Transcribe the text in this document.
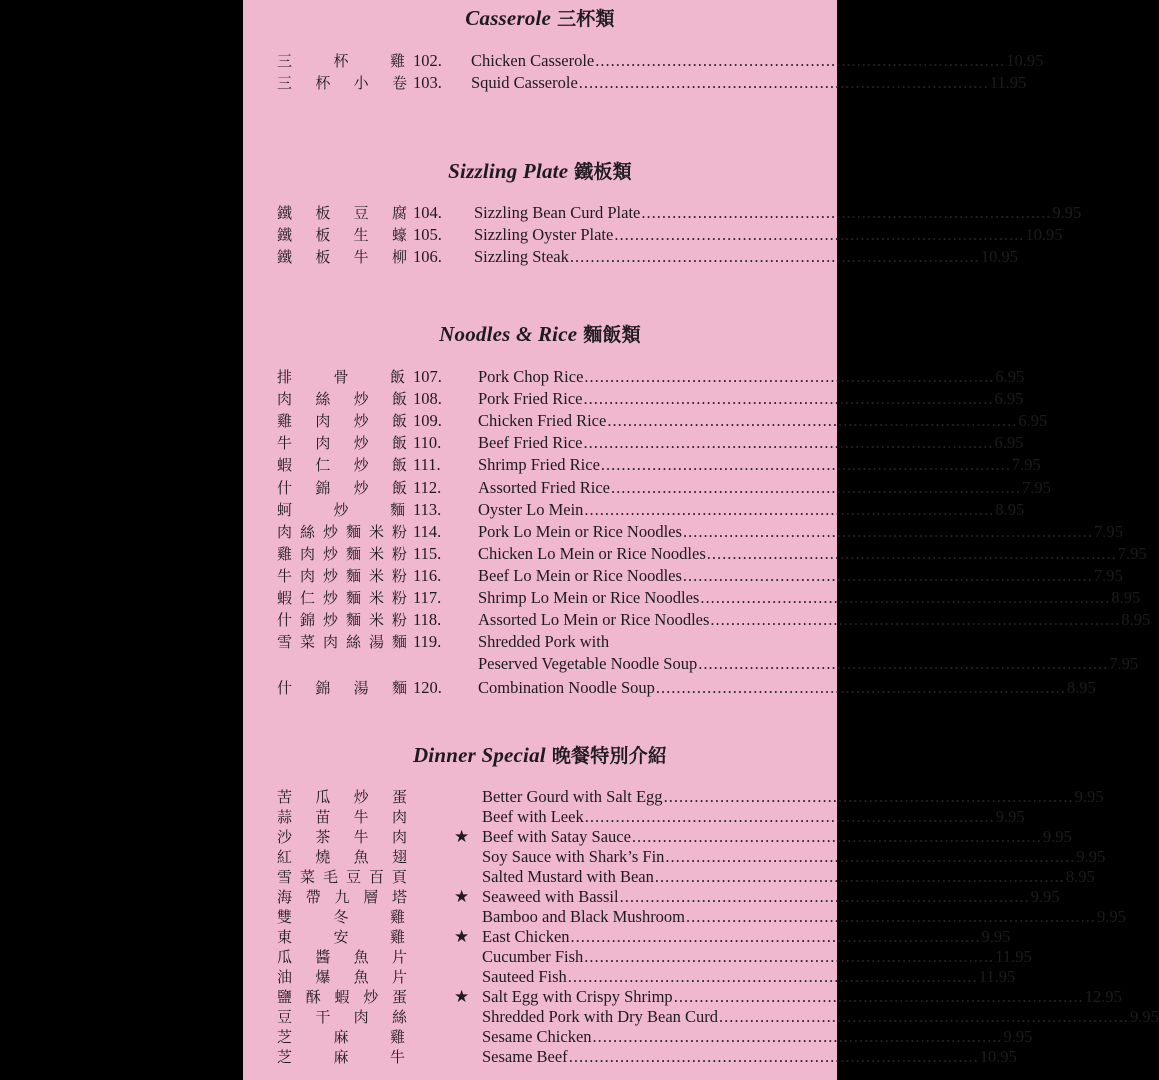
Casserole 三杯類
三	杯	雞 102.	Chicken Casserole ................................................................................ 10.95
三 杯 小 卷 103.	Squid Casserole ................................................................................ 11.95
Sizzling Plate 鐵板類
鐵 板 豆 腐 104.	Sizzling Bean Curd Plate ................................................................................ 9.95
鐵 板 生 蠔 105.	Sizzling Oyster Plate ................................................................................ 10.95
鐵 板 牛 柳 106.	Sizzling Steak ................................................................................ 10.95
Noodles & Rice 麵飯類
排	骨	飯 107.	Pork Chop Rice ................................................................................ 6.95
肉 絲 炒 飯 108.	Pork Fried Rice ................................................................................ 6.95
雞 肉 炒 飯 109.	Chicken Fried Rice ................................................................................ 6.95
牛 肉 炒 飯 110.	Beef Fried Rice ................................................................................ 6.95
蝦 仁 炒 飯 111.	Shrimp Fried Rice ................................................................................ 7.95
什 錦 炒 飯 112.	Assorted Fried Rice ................................................................................ 7.95
蚵	炒	麵 113.	Oyster Lo Mein ................................................................................ 8.95
肉 絲 炒 麵 米 粉 114.	Pork Lo Mein or Rice Noodles ................................................................................ 7.95
雞 肉 炒 麵 米 粉 115.	Chicken Lo Mein or Rice Noodles ................................................................................ 7.95
牛 肉 炒 麵 米 粉 116.	Beef Lo Mein or Rice Noodles ................................................................................ 7.95
蝦 仁 炒 麵 米 粉 117.	Shrimp Lo Mein or Rice Noodles ................................................................................ 8.95
什 錦 炒 麵 米 粉 118.	Assorted Lo Mein or Rice Noodles ................................................................................ 8.95
雪 菜 肉 絲 湯 麵 119.	Shredded Pork with
Peserved Vegetable Noodle Soup ................................................................................ 7.95
什 錦 湯 麵 120.	Combination Noodle Soup ................................................................................ 8.95
Dinner Special 晚餐特別介紹
苦 瓜 炒 蛋	Better Gourd with Salt Egg ................................................................................ 9.95
蒜 苗 牛 肉	Beef with Leek ................................................................................ 9.95
沙 茶 牛 肉	★ Beef with Satay Sauce ................................................................................ 9.95
紅 燒 魚 翅	Soy Sauce with Shark’s Fin ................................................................................ 9.95
雪 菜 毛 豆 百 頁	Salted Mustard with Bean ................................................................................ 8.95
海 帶 九 層 塔	★ Seaweed with Bassil ................................................................................ 9.95
雙	冬	雞	Bamboo and Black Mushroom ................................................................................ 9.95
東	安	雞	★ East Chicken ................................................................................ 9.95
瓜 醬 魚 片	Cucumber Fish ................................................................................ 11.95
油 爆 魚 片	Sauteed Fish ................................................................................ 11.95
鹽 酥 蝦 炒 蛋	★ Salt Egg with Crispy Shrimp ................................................................................ 12.95
豆 干 肉 絲	Shredded Pork with Dry Bean Curd ................................................................................ 9.95
芝	麻	雞	Sesame Chicken ................................................................................ 9.95
芝	麻	牛	Sesame Beef ................................................................................ 10.95
